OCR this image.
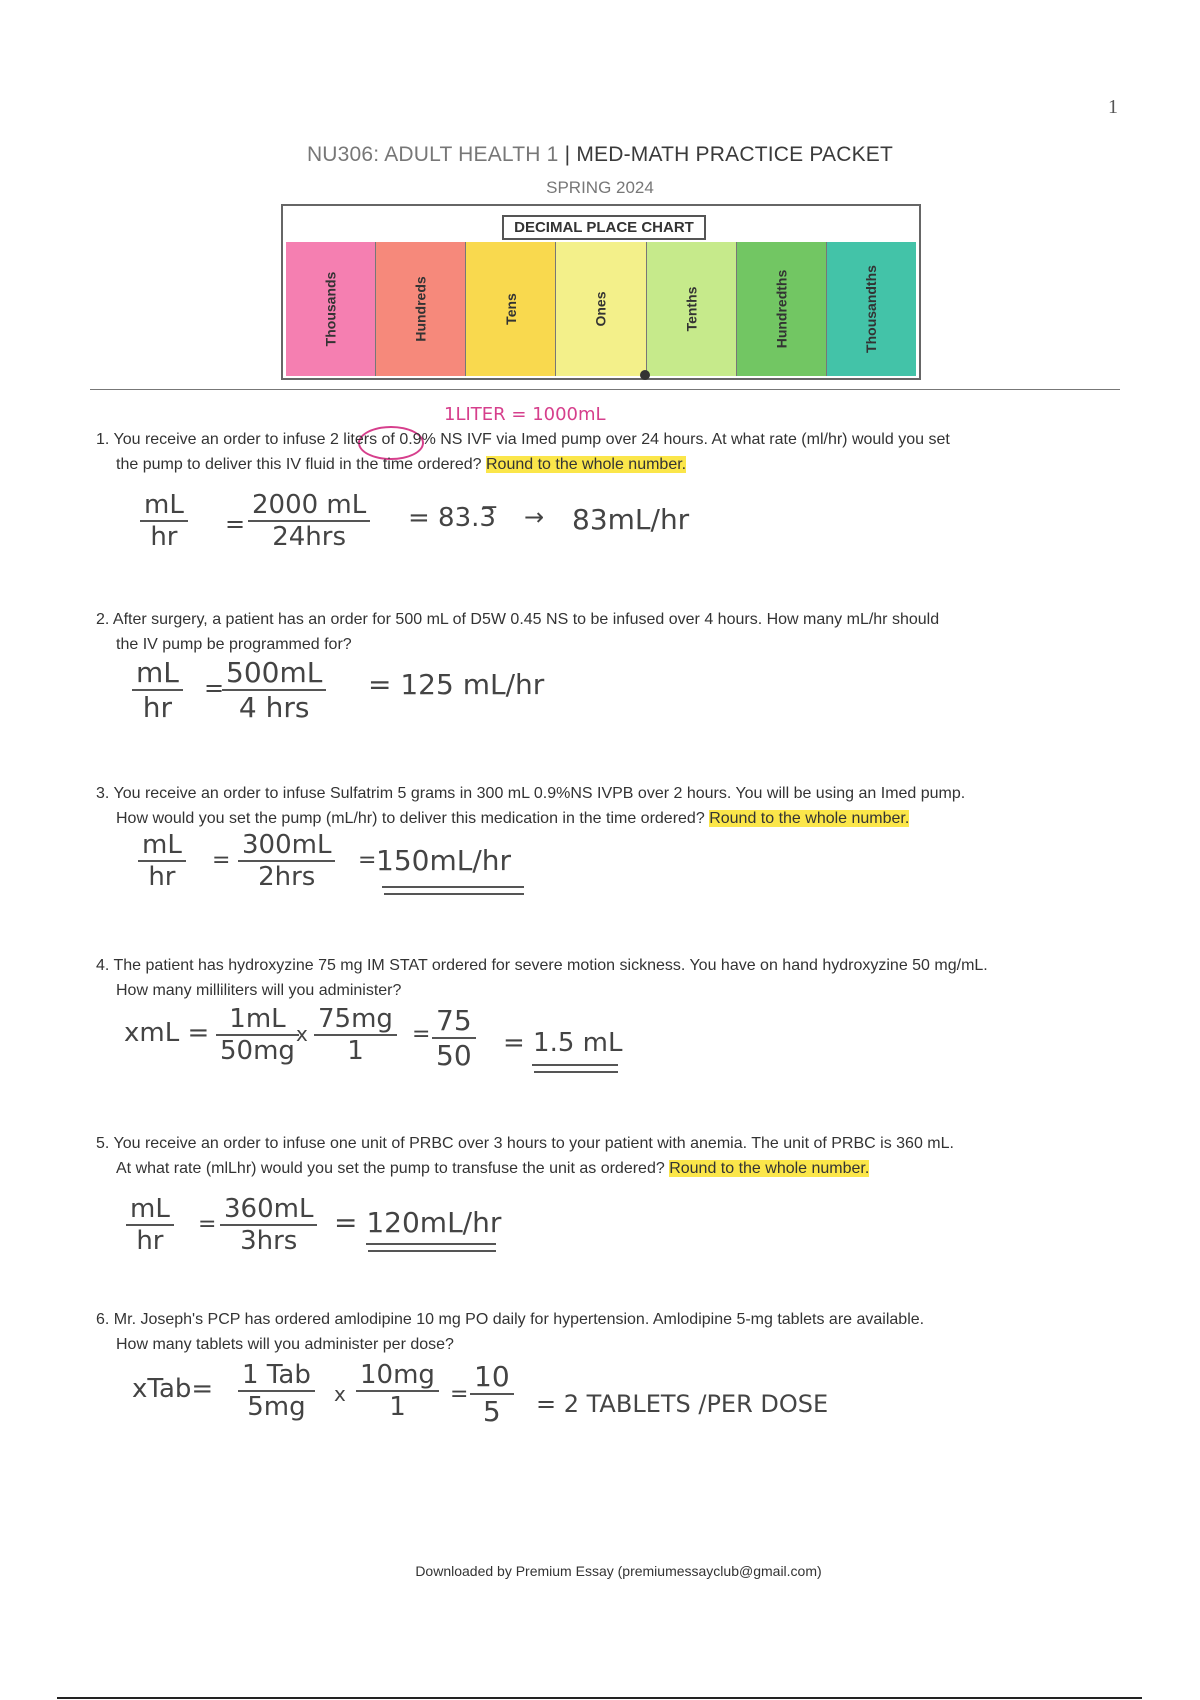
1
NU306: ADULT HEALTH 1 | MED-MATH PRACTICE PACKET
SPRING 2024
DECIMAL PLACE CHART
Thousands	Hundreds	Tens	Ones	Tenths	Hundredths	Thousandths
1LITER = 1000mL
1. You receive an order to infuse 2 liters of 0.9% NS IVF via Imed pump over 24 hours. At what rate (ml/hr) would you set
the pump to deliver this IV fluid in the time ordered? Round to the whole number.
$\frac{mL}{hr}$ =
2000 mL
24hrs
= 83.3̅ → 83mL/hr
2. After surgery, a patient has an order for 500 mL of D5W 0.45 NS to be infused over 4 hours. How many mL/hr should
the IV pump be programmed for?
$\frac{mL}{hr} = 500mL$
4 hrs
= 125 mL/hr
3. You receive an order to infuse Sulfatrim 5 grams in 300 mL 0.9%NS IVPB over 2 hours. You will be using an Imed pump.
How would you set the pump (mL/hr) to deliver this medication in the time ordered? Round to the whole number.
$\frac{mL}{hr}$ =
300mL
2hrs
= 150mL/hr
4. The patient has hydroxyzine 75 mg IM STAT ordered for severe motion sickness. You have on hand hydroxyzine 50 mg/mL.
How many milliliters will you administer?
xmL = $\frac{1mL}{50mg}$
x $\frac{75mg}{1} = \frac{75}{50} = 1.5$ mL
5. You receive an order to infuse one unit of PRBC over 3 hours to your patient with anemia. The unit of PRBC is 360 mL.
At what rate (mlLhr) would you set the pump to transfuse the unit as ordered? Round to the whole number.
$\frac{mL}{hr}$ =
360mL
3hrs
= 120mL/hr
6. Mr. Joseph's PCP has ordered amlodipine 10 mg PO daily for hypertension. Amlodipine 5-mg tablets are available.
How many tablets will you administer per dose?
xTab= 1 Tab
5mg	x $\frac{10mg}{1} = \frac{10}{5} = 2$ TABLETS /PER DOSE
Downloaded by Premium Essay (premiumessayclub@gmail.com)
